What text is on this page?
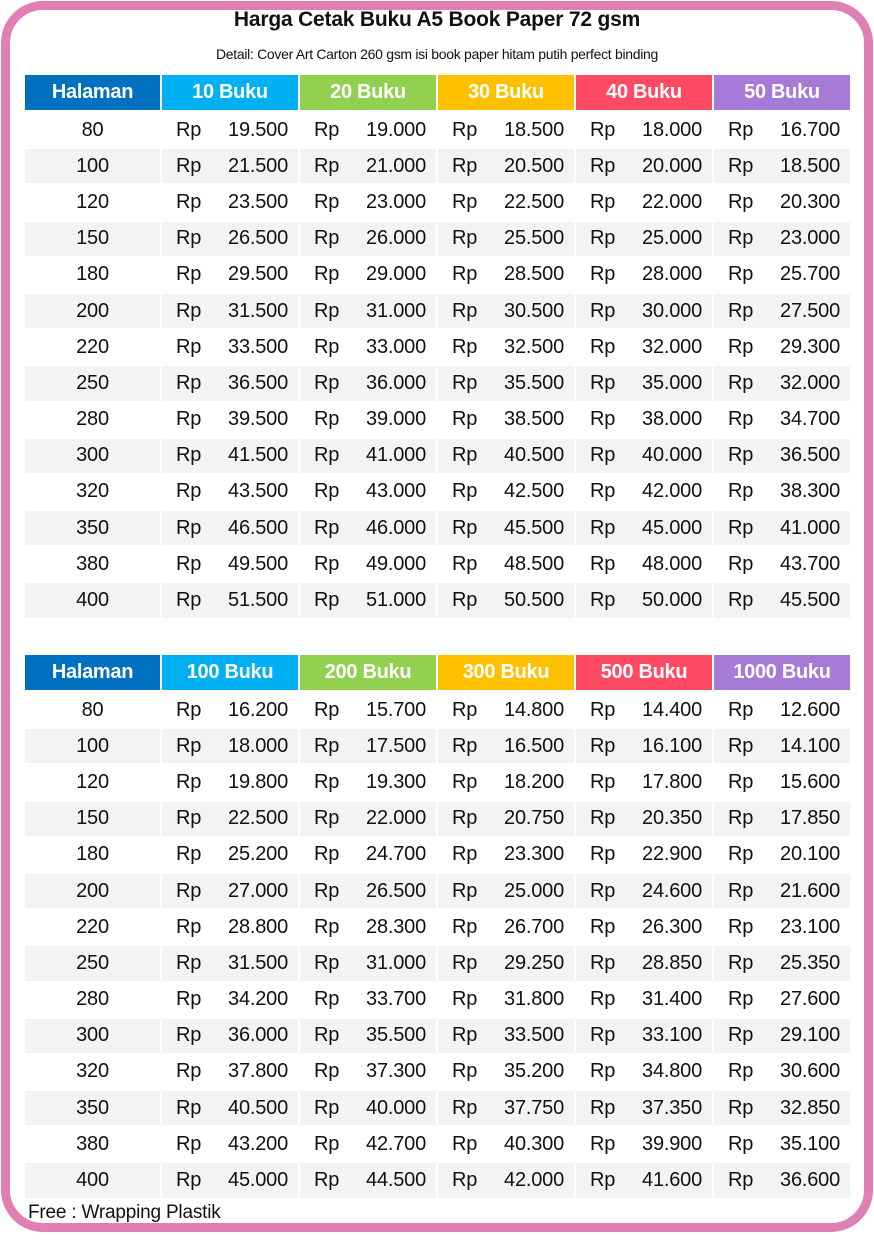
Harga Cetak Buku A5 Book Paper 72 gsm
Detail: Cover Art Carton 260 gsm isi book paper hitam putih perfect binding
Halaman	10 Buku	20 Buku	30 Buku	40 Buku	50 Buku
80	Rp 19.500 Rp 19.000 Rp 18.500 Rp 18.000 Rp 16.700
100	Rp 21.500 Rp 21.000 Rp 20.500 Rp 20.000 Rp 18.500
120	Rp 23.500 Rp 23.000 Rp 22.500 Rp 22.000 Rp 20.300
150	Rp 26.500 Rp 26.000 Rp 25.500 Rp 25.000 Rp 23.000
180	Rp 29.500 Rp 29.000 Rp 28.500 Rp 28.000 Rp 25.700
200	Rp 31.500 Rp 31.000 Rp 30.500 Rp 30.000 Rp 27.500
220	Rp 33.500 Rp 33.000 Rp 32.500 Rp 32.000 Rp 29.300
250	Rp 36.500 Rp 36.000 Rp 35.500 Rp 35.000 Rp 32.000
280	Rp 39.500 Rp 39.000 Rp 38.500 Rp 38.000 Rp 34.700
300	Rp 41.500 Rp 41.000 Rp 40.500 Rp 40.000 Rp 36.500
320	Rp 43.500 Rp 43.000 Rp 42.500 Rp 42.000 Rp 38.300
350	Rp 46.500 Rp 46.000 Rp 45.500 Rp 45.000 Rp 41.000
380	Rp 49.500 Rp 49.000 Rp 48.500 Rp 48.000 Rp 43.700
400	Rp 51.500 Rp 51.000 Rp 50.500 Rp 50.000 Rp 45.500
Halaman	100 Buku	200 Buku	300 Buku	500 Buku	1000 Buku
80	Rp 16.200 Rp 15.700 Rp 14.800 Rp 14.400 Rp 12.600
100	Rp 18.000 Rp 17.500 Rp 16.500 Rp 16.100 Rp 14.100
120	Rp 19.800 Rp 19.300 Rp 18.200 Rp 17.800 Rp 15.600
150	Rp 22.500 Rp 22.000 Rp 20.750 Rp 20.350 Rp 17.850
180	Rp 25.200 Rp 24.700 Rp 23.300 Rp 22.900 Rp 20.100
200	Rp 27.000 Rp 26.500 Rp 25.000 Rp 24.600 Rp 21.600
220	Rp 28.800 Rp 28.300 Rp 26.700 Rp 26.300 Rp 23.100
250	Rp 31.500 Rp 31.000 Rp 29.250 Rp 28.850 Rp 25.350
280	Rp 34.200 Rp 33.700 Rp 31.800 Rp 31.400 Rp 27.600
300	Rp 36.000 Rp 35.500 Rp 33.500 Rp 33.100 Rp 29.100
320	Rp 37.800 Rp 37.300 Rp 35.200 Rp 34.800 Rp 30.600
350	Rp 40.500 Rp 40.000 Rp 37.750 Rp 37.350 Rp 32.850
380	Rp 43.200 Rp 42.700 Rp 40.300 Rp 39.900 Rp 35.100
400	Rp 45.000 Rp 44.500 Rp 42.000 Rp 41.600 Rp 36.600
Free : Wrapping Plastik
